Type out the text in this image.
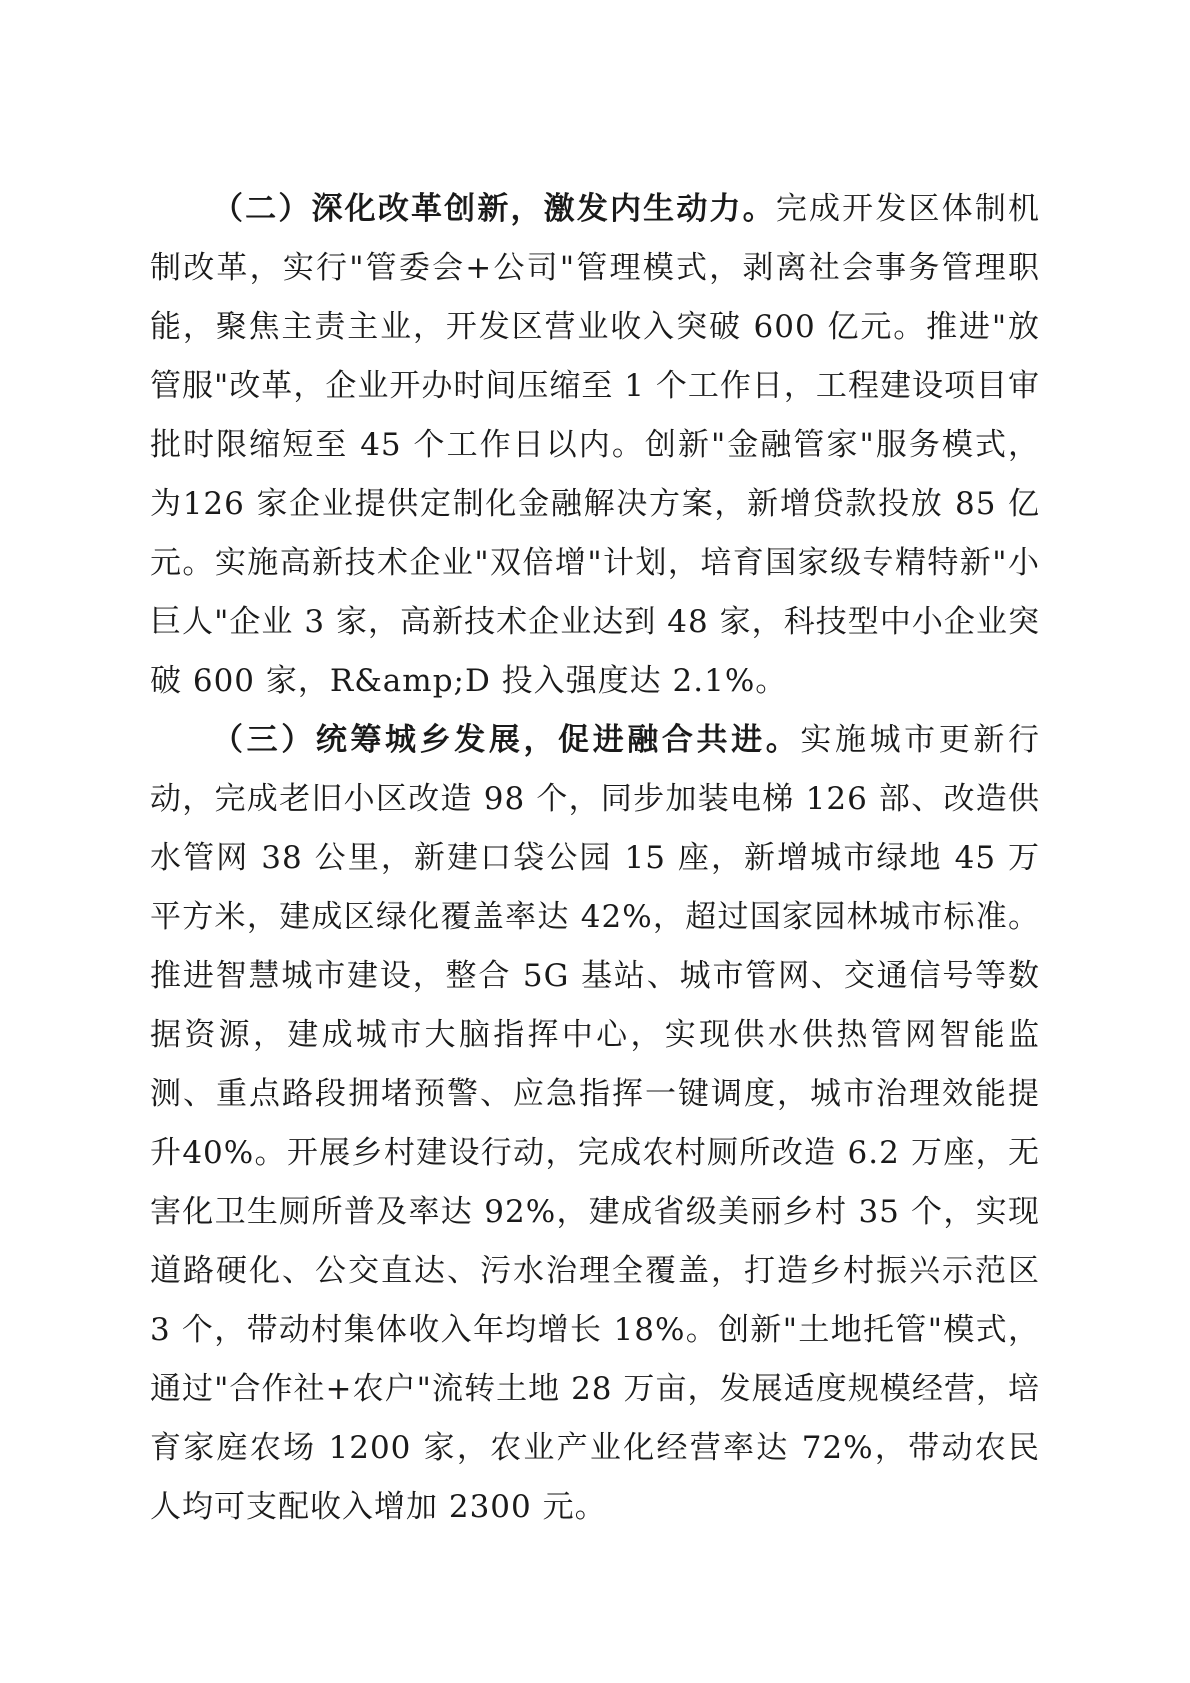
（二）深化改革创新，激发内生动力。完成开发区体制机制改革，实行"管委会+公司"管理模式，剥离社会事务管理职能，聚焦主责主业，开发区营业收入突破 600 亿元。推进"放管服"改革，企业开办时间压缩至 1 个工作日，工程建设项目审批时限缩短至 45 个工作日以内。创新"金融管家"服务模式，为126 家企业提供定制化金融解决方案，新增贷款投放 85 亿元。实施高新技术企业"双倍增"计划，培育国家级专精特新"小巨人"企业 3 家，高新技术企业达到 48 家，科技型中小企业突破 600 家，R&amp;D 投入强度达 2.1%。

（三）统筹城乡发展，促进融合共进。实施城市更新行动，完成老旧小区改造 98 个，同步加装电梯 126 部、改造供水管网 38 公里，新建口袋公园 15 座，新增城市绿地 45 万平方米，建成区绿化覆盖率达 42%，超过国家园林城市标准。推进智慧城市建设，整合 5G 基站、城市管网、交通信号等数据资源，建成城市大脑指挥中心，实现供水供热管网智能监测、重点路段拥堵预警、应急指挥一键调度，城市治理效能提升40%。开展乡村建设行动，完成农村厕所改造 6.2 万座，无害化卫生厕所普及率达 92%，建成省级美丽乡村 35 个，实现道路硬化、公交直达、污水治理全覆盖，打造乡村振兴示范区 3 个，带动村集体收入年均增长 18%。创新"土地托管"模式，通过"合作社+农户"流转土地 28 万亩，发展适度规模经营，培育家庭农场 1200 家，农业产业化经营率达 72%，带动农民人均可支配收入增加 2300 元。
